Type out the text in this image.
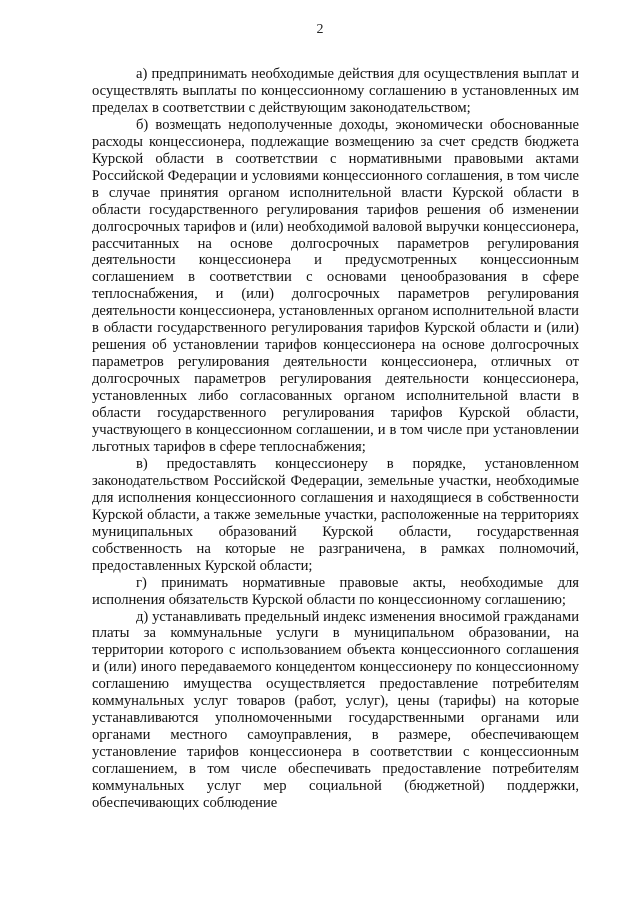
2

а) предпринимать необходимые действия для осуществления выплат и осуществлять выплаты по концессионному соглашению в установленных им пределах в соответствии с действующим законодательством;

б) возмещать недополученные доходы, экономически обоснованные расходы концессионера, подлежащие возмещению за счет средств бюджета Курской области в соответствии с нормативными правовыми актами Российской Федерации и условиями концессионного соглашения, в том числе в случае принятия органом исполнительной власти Курской области в области государственного регулирования тарифов решения об изменении долгосрочных тарифов и (или) необходимой валовой выручки концессионера, рассчитанных на основе долгосрочных параметров регулирования деятельности концессионера и предусмотренных концессионным соглашением в соответствии с основами ценообразования в сфере теплоснабжения, и (или) долгосрочных параметров регулирования деятельности концессионера, установленных органом исполнительной власти в области государственного регулирования тарифов Курской области и (или) решения об установлении тарифов концессионера на основе долгосрочных параметров регулирования деятельности концессионера, отличных от долгосрочных параметров регулирования деятельности концессионера, установленных либо согласованных органом исполнительной власти в области государственного регулирования тарифов Курской области, участвующего в концессионном соглашении, и в том числе при установлении льготных тарифов в сфере теплоснабжения;

в) предоставлять концессионеру в порядке, установленном законодательством Российской Федерации, земельные участки, необходимые для исполнения концессионного соглашения и находящиеся в собственности Курской области, а также земельные участки, расположенные на территориях муниципальных образований Курской области, государственная собственность на которые не разграничена, в рамках полномочий, предоставленных Курской области;

г) принимать нормативные правовые акты, необходимые для исполнения обязательств Курской области по концессионному соглашению;

д) устанавливать предельный индекс изменения вносимой гражданами платы за коммунальные услуги в муниципальном образовании, на территории которого с использованием объекта концессионного соглашения и (или) иного передаваемого концедентом концессионеру по концессионному соглашению имущества осуществляется предоставление потребителям коммунальных услуг товаров (работ, услуг), цены (тарифы) на которые устанавливаются уполномоченными государственными органами или органами местного самоуправления, в размере, обеспечивающем установление тарифов концессионера в соответствии с концессионным соглашением, в том числе обеспечивать предоставление потребителям коммунальных услуг мер социальной (бюджетной) поддержки, обеспечивающих соблюдение
